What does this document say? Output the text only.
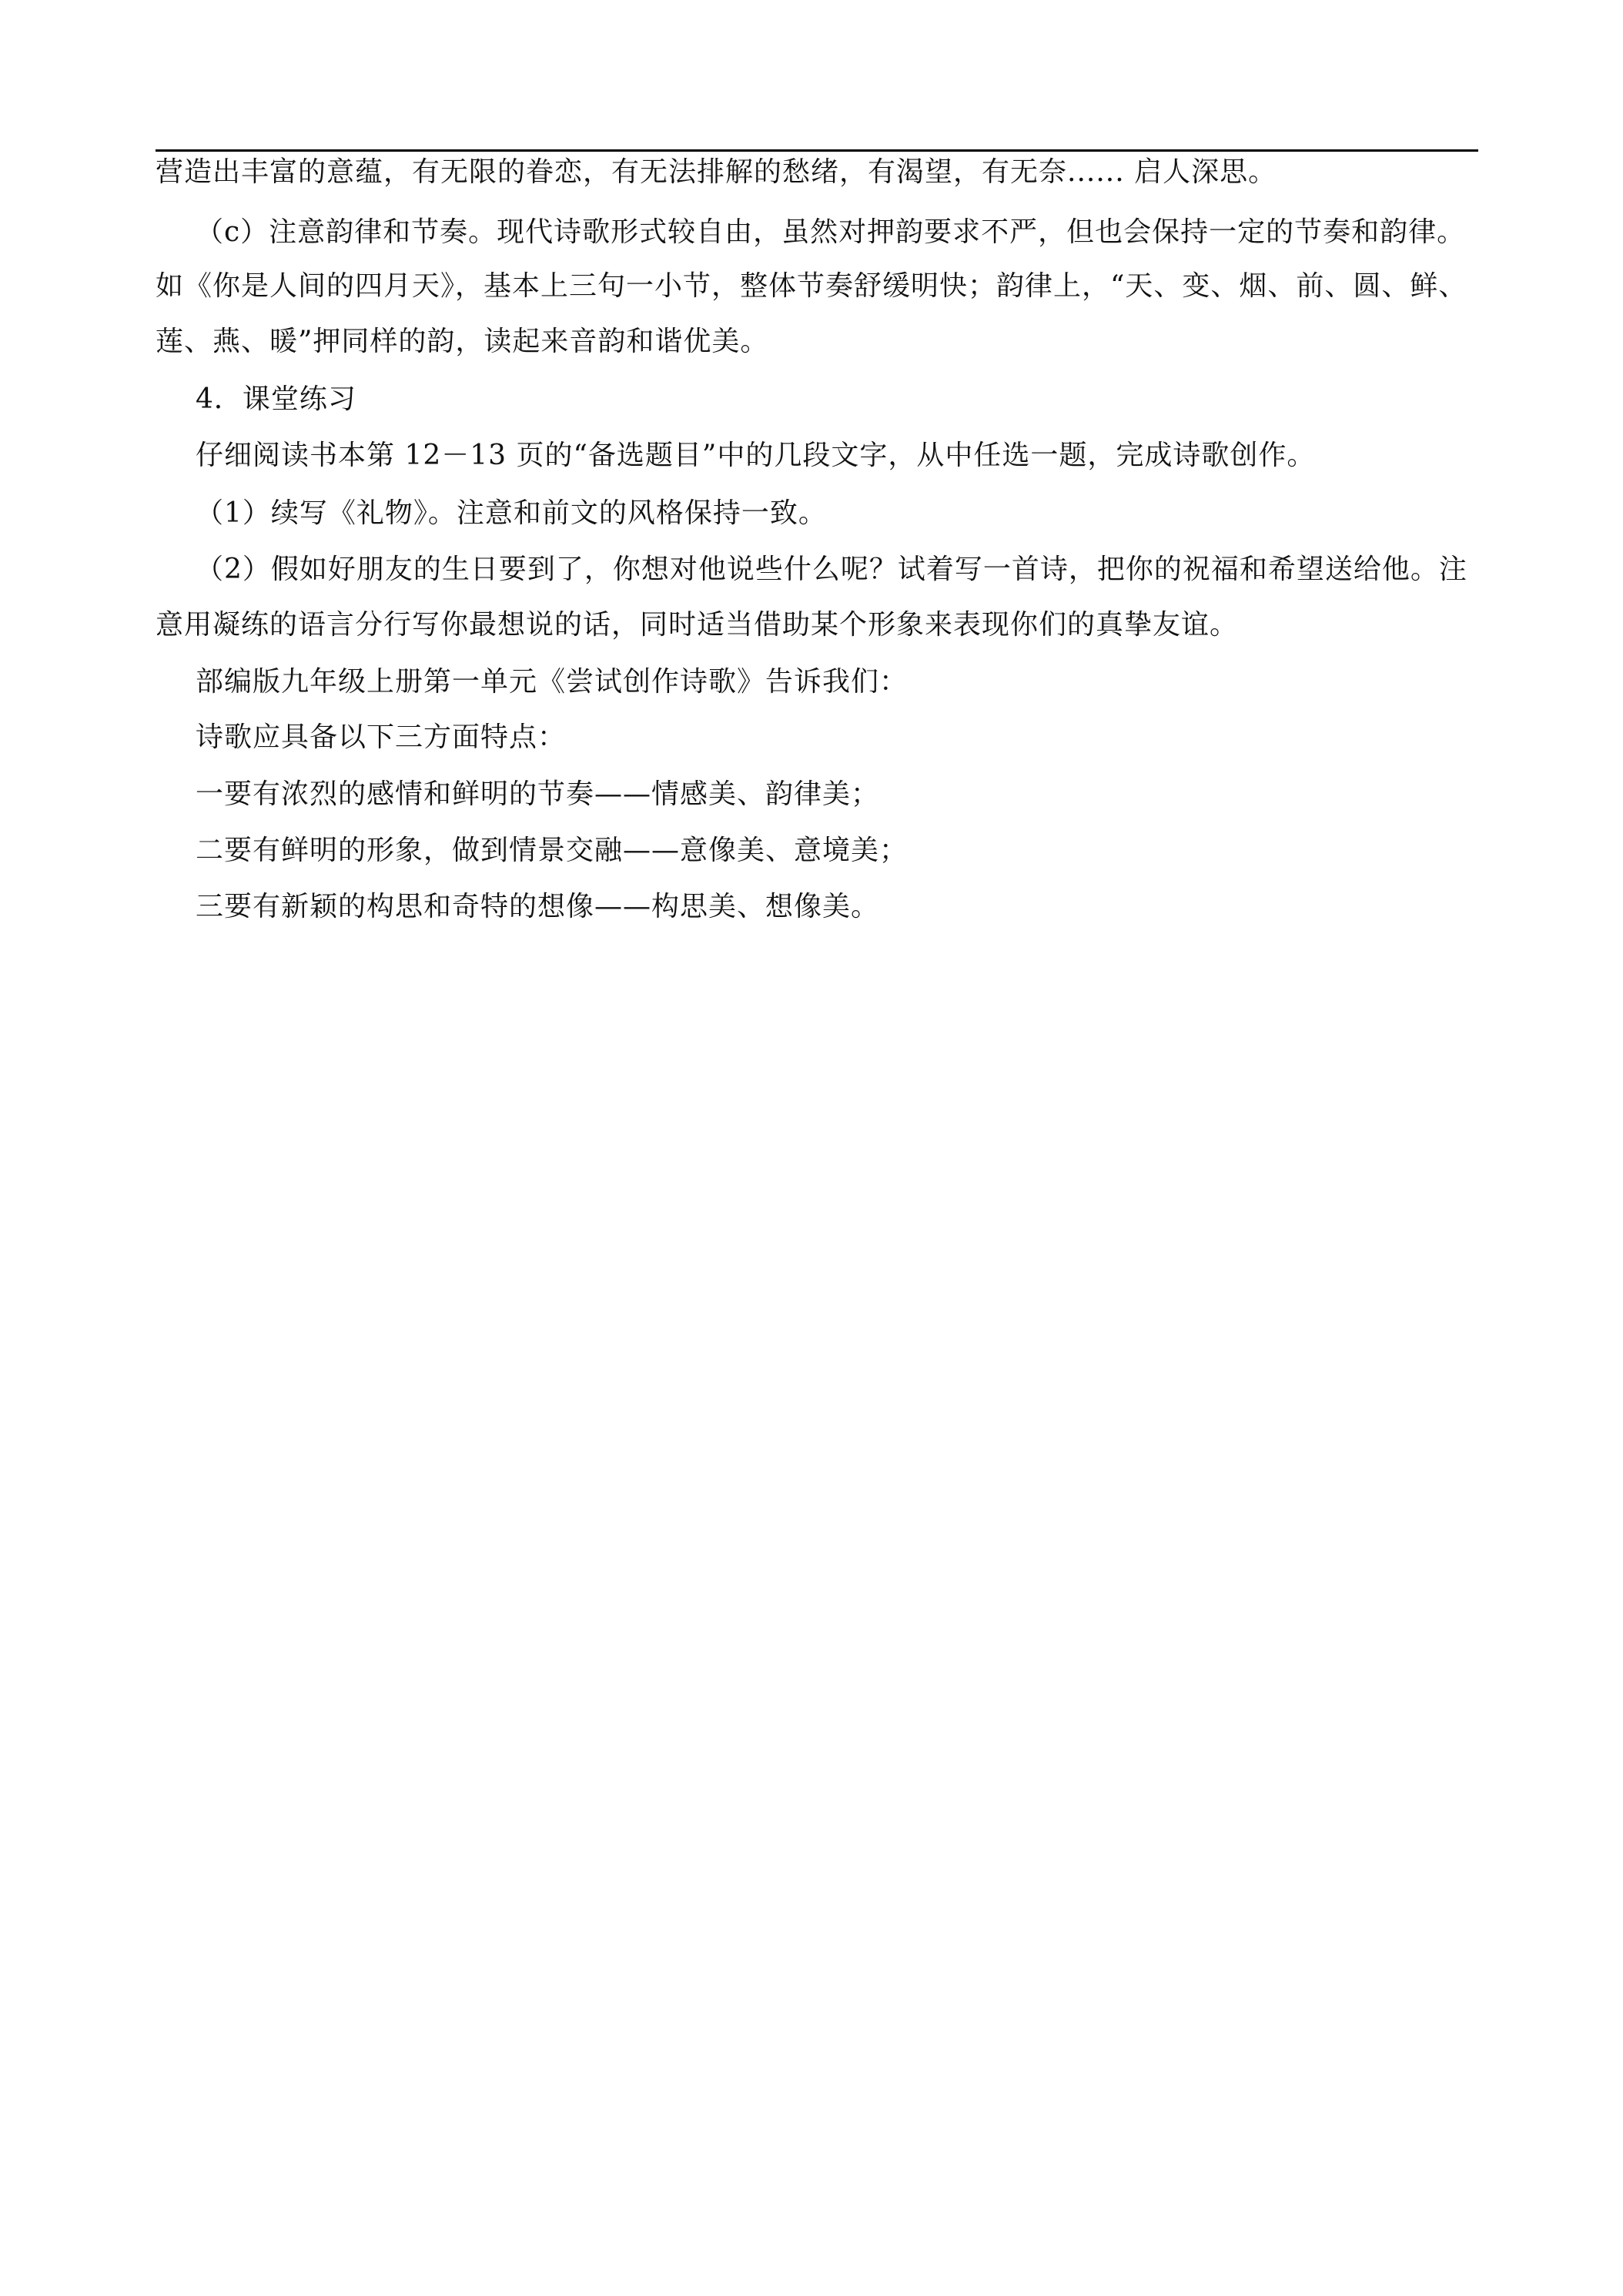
营造出丰富的意蕴，有无限的眷恋，有无法排解的愁绪，有渴望，有无奈...... 启人深思。
（c）注意韵律和节奏。现代诗歌形式较自由，虽然对押韵要求不严，但也会保持一定的节奏和韵律。
如《你是人间的四月天》，基本上三句一小节，整体节奏舒缓明快；韵律上，“天、变、烟、前、圆、鲜、
莲、燕、暖”押同样的韵，读起来音韵和谐优美。
4．课堂练习
仔细阅读书本第 12－13 页的“备选题目”中的几段文字，从中任选一题，完成诗歌创作。
（1）续写《礼物》。注意和前文的风格保持一致。
（2）假如好朋友的生日要到了，你想对他说些什么呢？试着写一首诗，把你的祝福和希望送给他。注
意用凝练的语言分行写你最想说的话，同时适当借助某个形象来表现你们的真挚友谊。
部编版九年级上册第一单元《尝试创作诗歌》告诉我们：
诗歌应具备以下三方面特点：
一要有浓烈的感情和鲜明的节奏——情感美、韵律美；
二要有鲜明的形象，做到情景交融——意像美、意境美；
三要有新颖的构思和奇特的想像——构思美、想像美。
